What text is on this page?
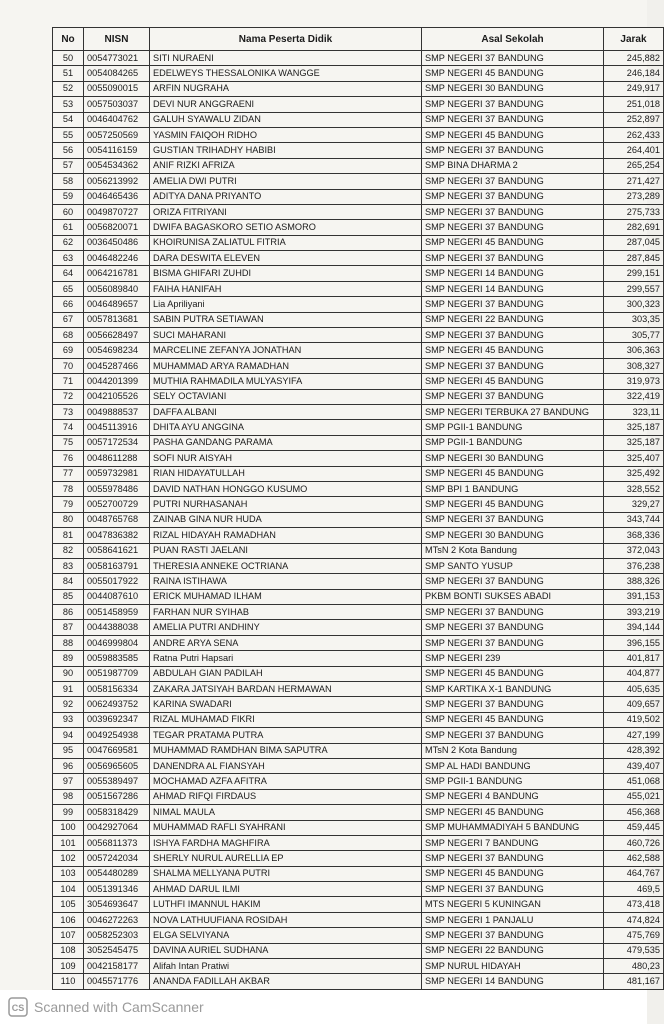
No	NISN	Nama Peserta Didik	Asal Sekolah	Jarak
50	0054773021	SITI NURAENI	SMP NEGERI 37 BANDUNG	245,882
51	0054084265	EDELWEYS THESSALONIKA WANGGE	SMP NEGERI 45 BANDUNG	246,184
52	0055090015	ARFIN NUGRAHA	SMP NEGERI 30 BANDUNG	249,917
53	0057503037	DEVI NUR ANGGRAENI	SMP NEGERI 37 BANDUNG	251,018
54	0046404762	GALUH SYAWALU ZIDAN	SMP NEGERI 37 BANDUNG	252,897
55	0057250569	YASMIN FAIQOH RIDHO	SMP NEGERI 45 BANDUNG	262,433
56	0054116159	GUSTIAN TRIHADHY HABIBI	SMP NEGERI 37 BANDUNG	264,401
57	0054534362	ANIF RIZKI AFRIZA	SMP BINA DHARMA 2	265,254
58	0056213992	AMELIA DWI PUTRI	SMP NEGERI 37 BANDUNG	271,427
59	0046465436	ADITYA DANA PRIYANTO	SMP NEGERI 37 BANDUNG	273,289
60	0049870727	ORIZA FITRIYANI	SMP NEGERI 37 BANDUNG	275,733
61	0056820071	DWIFA BAGASKORO SETIO ASMORO	SMP NEGERI 37 BANDUNG	282,691
62	0036450486	KHOIRUNISA ZALIATUL FITRIA	SMP NEGERI 45 BANDUNG	287,045
63	0046482246	DARA DESWITA ELEVEN	SMP NEGERI 37 BANDUNG	287,845
64	0064216781	BISMA GHIFARI ZUHDI	SMP NEGERI 14 BANDUNG	299,151
65	0056089840	FAIHA HANIFAH	SMP NEGERI 14 BANDUNG	299,557
66	0046489657	Lia Apriliyani	SMP NEGERI 37 BANDUNG	300,323
67	0057813681	SABIN PUTRA SETIAWAN	SMP NEGERI 22 BANDUNG	303,35
68	0056628497	SUCI MAHARANI	SMP NEGERI 37 BANDUNG	305,77
69	0054698234	MARCELINE ZEFANYA JONATHAN	SMP NEGERI 45 BANDUNG	306,363
70	0045287466	MUHAMMAD ARYA RAMADHAN	SMP NEGERI 37 BANDUNG	308,327
71	0044201399	MUTHIA RAHMADILA MULYASYIFA	SMP NEGERI 45 BANDUNG	319,973
72	0042105526	SELY OCTAVIANI	SMP NEGERI 37 BANDUNG	322,419
73	0049888537	DAFFA ALBANI	SMP NEGERI TERBUKA 27 BANDUNG	323,11
74	0045113916	DHITA AYU ANGGINA	SMP PGII-1 BANDUNG	325,187
75	0057172534	PASHA GANDANG PARAMA	SMP PGII-1 BANDUNG	325,187
76	0048611288	SOFI NUR AISYAH	SMP NEGERI 30 BANDUNG	325,407
77	0059732981	RIAN HIDAYATULLAH	SMP NEGERI 45 BANDUNG	325,492
78	0055978486	DAVID NATHAN HONGGO KUSUMO	SMP BPI 1 BANDUNG	328,552
79	0052700729	PUTRI NURHASANAH	SMP NEGERI 45 BANDUNG	329,27
80	0048765768	ZAINAB GINA NUR HUDA	SMP NEGERI 37 BANDUNG	343,744
81	0047836382	RIZAL HIDAYAH RAMADHAN	SMP NEGERI 30 BANDUNG	368,336
82	0058641621	PUAN RASTI JAELANI	MTsN 2 Kota Bandung	372,043
83	0058163791	THERESIA ANNEKE OCTRIANA	SMP SANTO YUSUP	376,238
84	0055017922	RAINA ISTIHAWA	SMP NEGERI 37 BANDUNG	388,326
85	0044087610	ERICK MUHAMAD ILHAM	PKBM BONTI SUKSES ABADI	391,153
86	0051458959	FARHAN NUR SYIHAB	SMP NEGERI 37 BANDUNG	393,219
87	0044388038	AMELIA PUTRI ANDHINY	SMP NEGERI 37 BANDUNG	394,144
88	0046999804	ANDRE ARYA SENA	SMP NEGERI 37 BANDUNG	396,155
89	0059883585	Ratna Putri Hapsari	SMP NEGERI 239	401,817
90	0051987709	ABDULAH GIAN PADILAH	SMP NEGERI 45 BANDUNG	404,877
91	0058156334	ZAKARA JATSIYAH BARDAN HERMAWAN	SMP KARTIKA X-1 BANDUNG	405,635
92	0062493752	KARINA SWADARI	SMP NEGERI 37 BANDUNG	409,657
93	0039692347	RIZAL MUHAMAD FIKRI	SMP NEGERI 45 BANDUNG	419,502
94	0049254938	TEGAR PRATAMA PUTRA	SMP NEGERI 37 BANDUNG	427,199
95	0047669581	MUHAMMAD RAMDHAN BIMA SAPUTRA	MTsN 2 Kota Bandung	428,392
96	0056965605	DANENDRA AL FIANSYAH	SMP AL HADI BANDUNG	439,407
97	0055389497	MOCHAMAD AZFA AFITRA	SMP PGII-1 BANDUNG	451,068
98	0051567286	AHMAD RIFQI FIRDAUS	SMP NEGERI 4 BANDUNG	455,021
99	0058318429	NIMAL MAULA	SMP NEGERI 45 BANDUNG	456,368
100	0042927064	MUHAMMAD RAFLI SYAHRANI	SMP MUHAMMADIYAH 5 BANDUNG	459,445
101	0056811373	ISHYA FARDHA MAGHFIRA	SMP NEGERI 7 BANDUNG	460,726
102	0057242034	SHERLY NURUL AURELLIA EP	SMP NEGERI 37 BANDUNG	462,588
103	0054480289	SHALMA MELLYANA PUTRI	SMP NEGERI 45 BANDUNG	464,767
104	0051391346	AHMAD DARUL ILMI	SMP NEGERI 37 BANDUNG	469,5
105	3054693647	LUTHFI IMANNUL HAKIM	MTS NEGERI 5 KUNINGAN	473,418
106	0046272263	NOVA LATHUUFIANA ROSIDAH	SMP NEGERI 1 PANJALU	474,824
107	0058252303	ELGA SELVIYANA	SMP NEGERI 37 BANDUNG	475,769
108	3052545475	DAVINA AURIEL SUDHANA	SMP NEGERI 22 BANDUNG	479,535
109	0042158177	Alifah Intan Pratiwi	SMP NURUL HIDAYAH	480,23
110	0045571776	ANANDA FADILLAH AKBAR	SMP NEGERI 14 BANDUNG	481,167
CS Scanned with CamScanner
